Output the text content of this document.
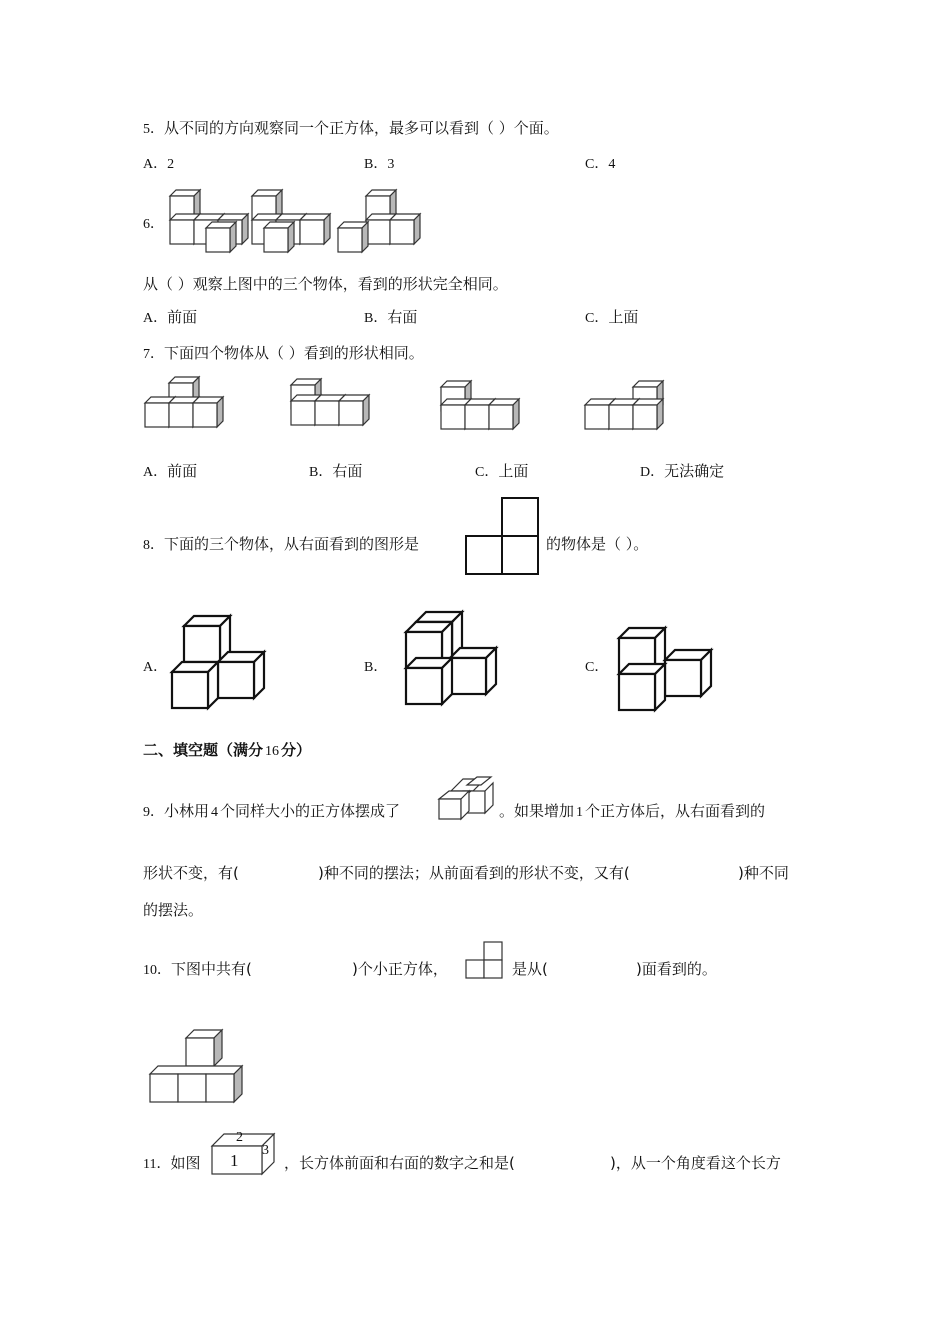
5．从不同的方向观察同一个正方体，最多可以看到（ ）个面。
A．2	B．3	C．4
6．
从（ ）观察上图中的三个物体，看到的形状完全相同。
A．前面	B．右面	C．上面
7．下面四个物体从（ ）看到的形状相同。
A．前面	B．右面	C．上面	D．无法确定
8．下面的三个物体，从右面看到的图形是	的物体是（ ）。
A．	B．	C．
二、填空题（满分 16 分）
9．小林用 4 个同样大小的正方体摆成了	。如果增加 1 个正方体后，从右面看到的
形状不变，有(	)种不同的摆法；从前面看到的形状不变，又有(	)种不同
的摆法。
10．下图中共有(	)个小正方体，	是从(	)面看到的。
11．如图
2
1
3
，长方体前面和右面的数字之和是(	)，从一个角度看这个长方
